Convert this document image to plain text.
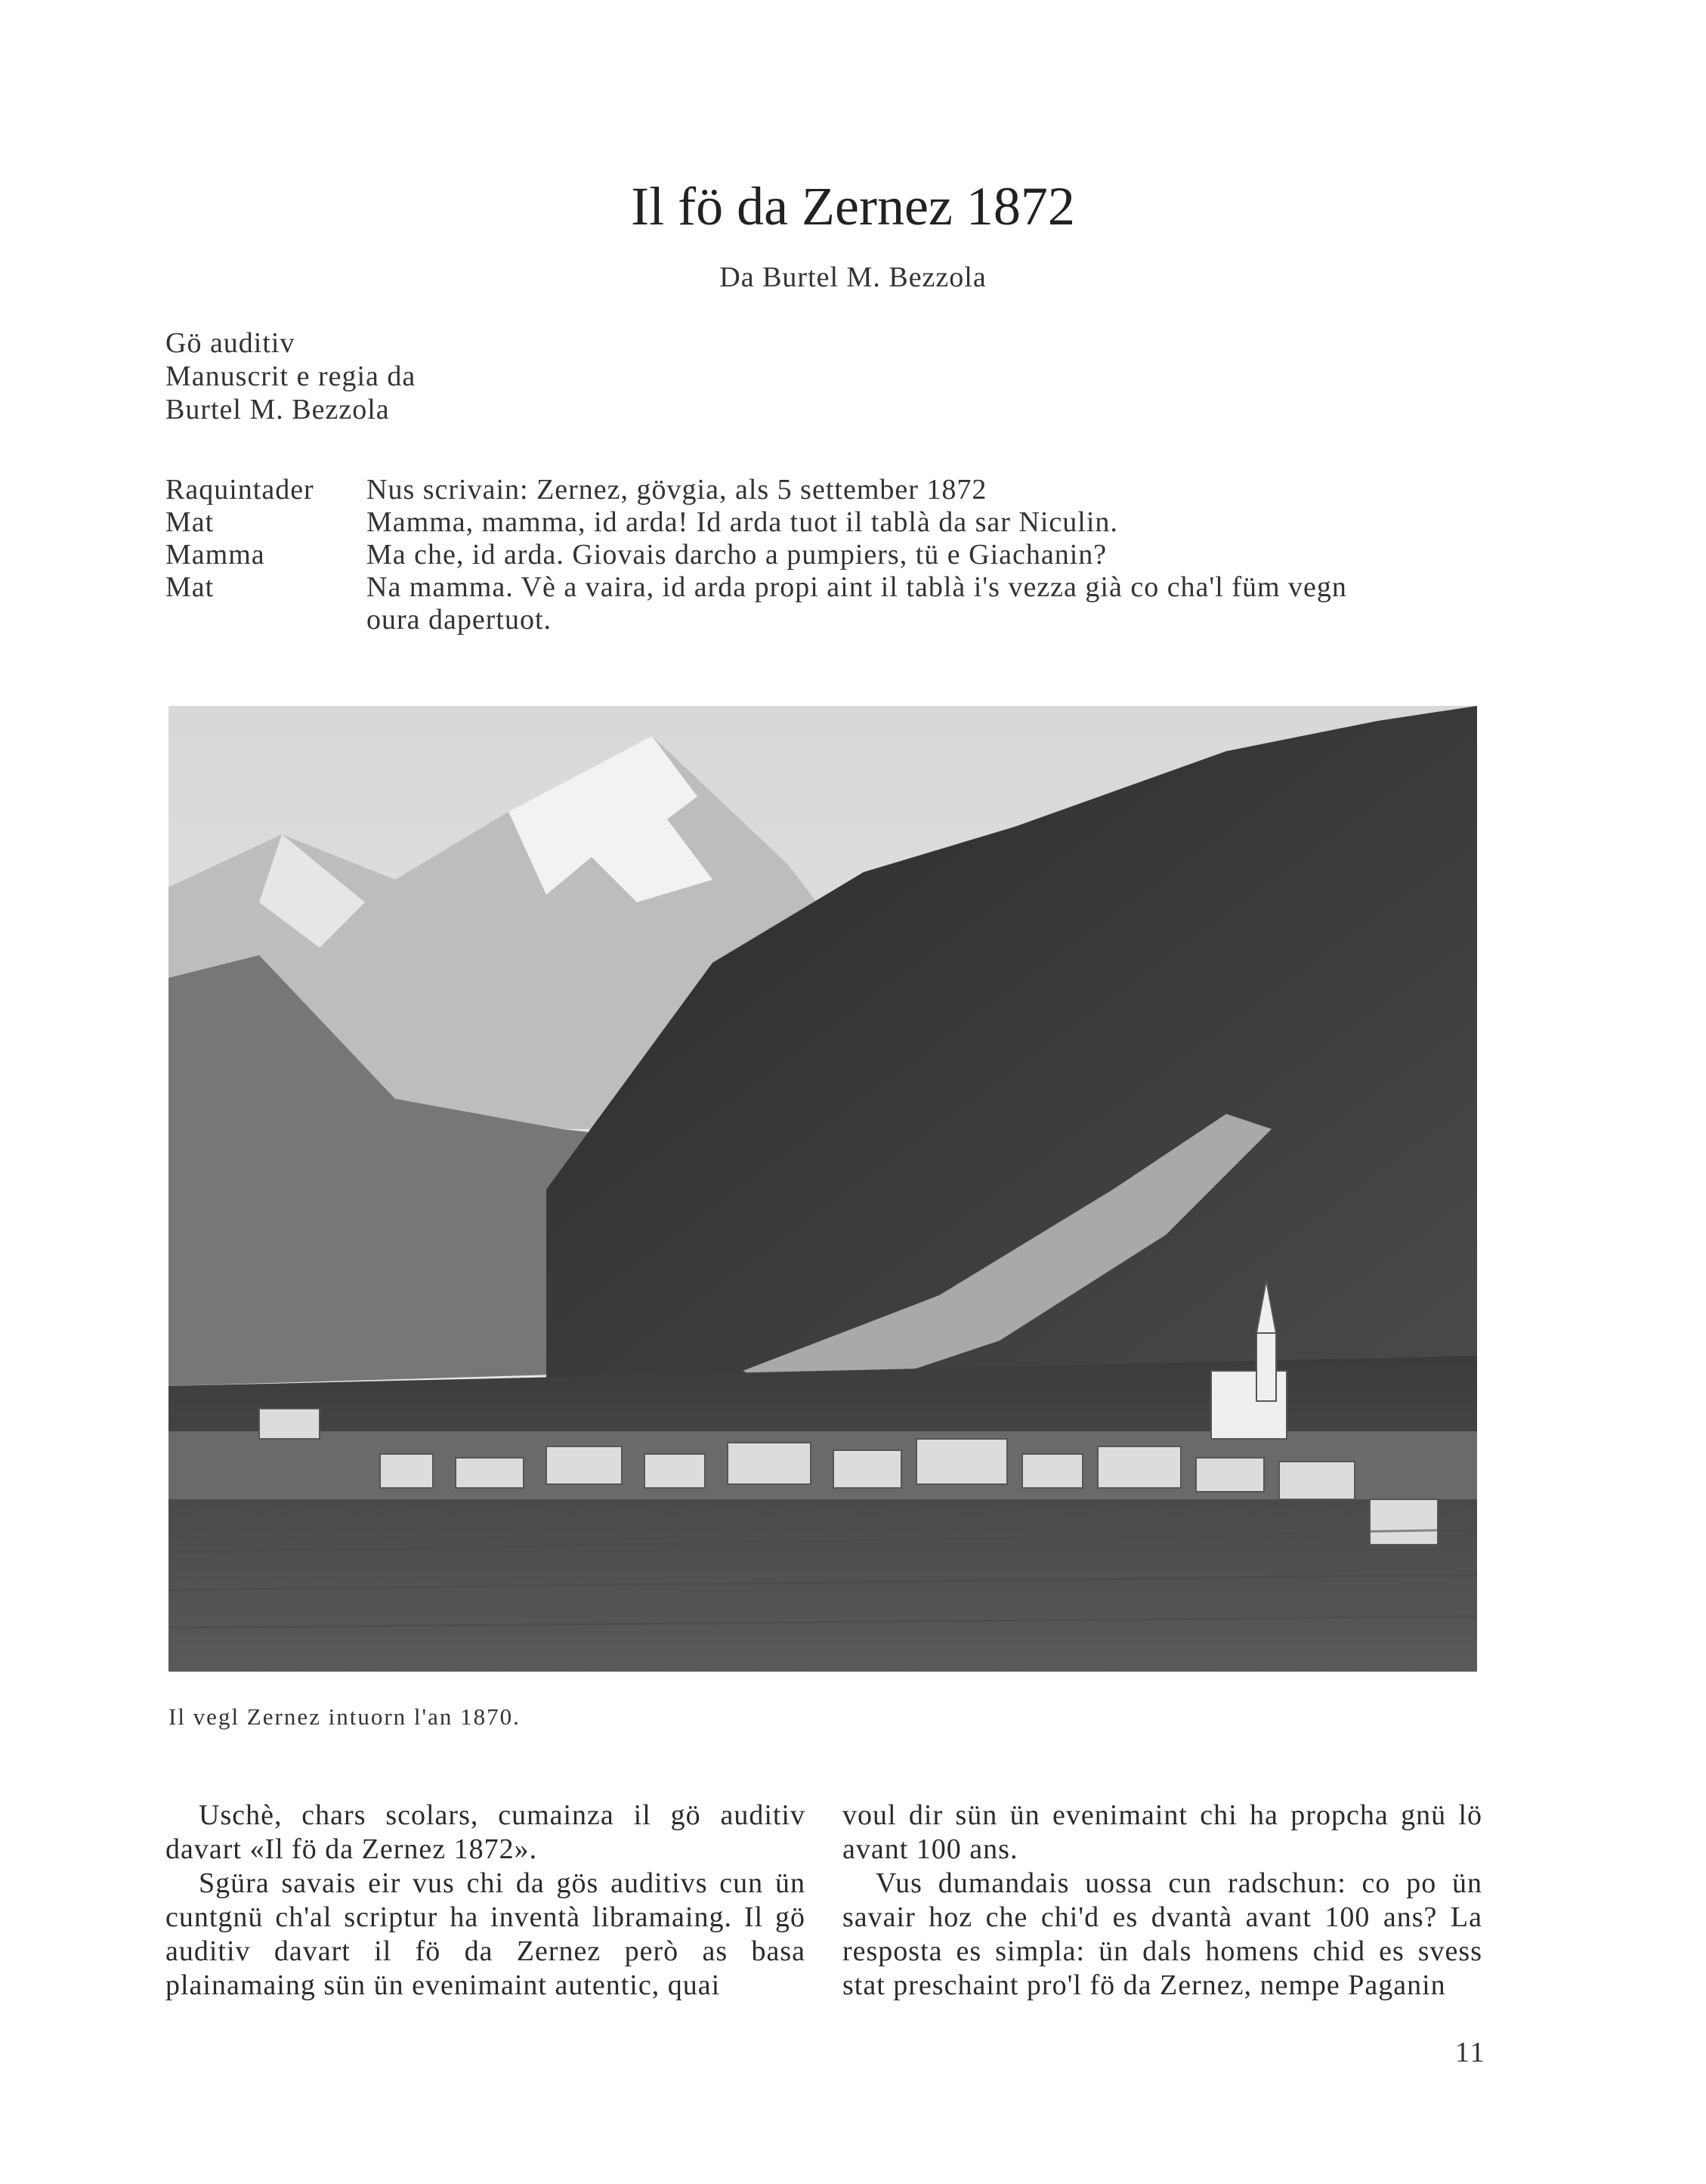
Il fö da Zernez 1872
Da Burtel M. Bezzola
Gö auditiv
Manuscrit e regia da
Burtel M. Bezzola
Raquintader	Nus scrivain: Zernez, gövgia, als 5 settember 1872
Mat	Mamma, mamma, id arda! Id arda tuot il tablà da sar Niculin.
Mamma	Ma che, id arda. Giovais darcho a pumpiers, tü e Giachanin?
Mat	Na mamma. Vè a vaira, id arda propi aint il tablà i's vezza già co cha'l füm vegn oura dapertuot.
Il vegl Zernez intuorn l'an 1870.

Uschè, chars scolars, cumainza il gö auditiv davart «Il fö da Zernez 1872».

Sgüra savais eir vus chi da gös auditivs cun ün cuntgnü ch'al scriptur ha inventà libramaing. Il gö auditiv davart il fö da Zernez però as basa plainamaing sün ün evenimaint autentic, quai

voul dir sün ün evenimaint chi ha propcha gnü lö avant 100 ans.

Vus dumandais uossa cun radschun: co po ün savair hoz che chi'd es dvantà avant 100 ans? La resposta es simpla: ün dals homens chid es svess stat preschaint pro'l fö da Zernez, nempe Paganin

11
